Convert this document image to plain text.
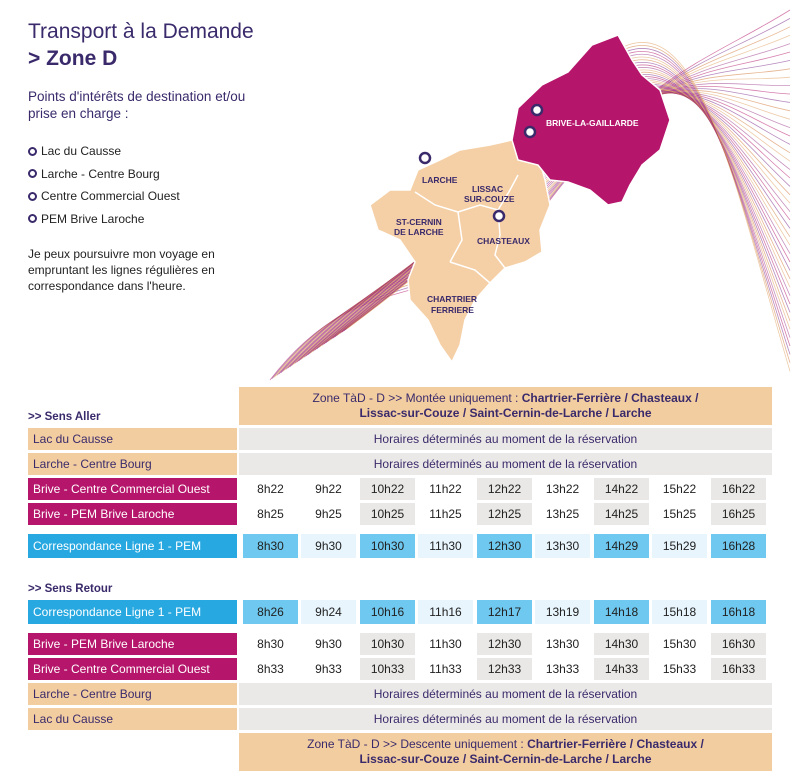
Transport à la Demande
> Zone D
Points d'intérêts de destination et/ou prise en charge :
Lac du Causse
Larche - Centre Bourg
Centre Commercial Ouest
PEM Brive Laroche
Je peux poursuivre mon voyage en empruntant les lignes régulières en correspondance dans l'heure.
BRIVE-LA-GAILLARDE
LARCHE
LISSAC
SUR-COUZE
ST-CERNIN
DE LARCHE
CHASTEAUX
CHARTRIER
FERRIERE
Zone TàD - D >> Montée uniquement : Chartrier-Ferrière / Chasteaux /
Lissac-sur-Couze / Saint-Cernin-de-Larche / Larche
>> Sens Aller
Lac du Causse	Horaires déterminés au moment de la réservation
Larche - Centre Bourg	Horaires déterminés au moment de la réservation
Brive - Centre Commercial Ouest	8h22	9h22	10h22	11h22	12h22	13h22	14h22	15h22	16h22
Brive - PEM Brive Laroche	8h25	9h25	10h25	11h25	12h25	13h25	14h25	15h25	16h25
Correspondance Ligne 1 - PEM	8h30	9h30	10h30	11h30	12h30	13h30	14h29	15h29	16h28
>> Sens Retour
Correspondance Ligne 1 - PEM	8h26	9h24	10h16	11h16	12h17	13h19	14h18	15h18	16h18
Brive - PEM Brive Laroche	8h30	9h30	10h30	11h30	12h30	13h30	14h30	15h30	16h30
Brive - Centre Commercial Ouest	8h33	9h33	10h33	11h33	12h33	13h33	14h33	15h33	16h33
Larche - Centre Bourg	Horaires déterminés au moment de la réservation
Lac du Causse	Horaires déterminés au moment de la réservation
Zone TàD - D >> Descente uniquement : Chartrier-Ferrière / Chasteaux /
Lissac-sur-Couze / Saint-Cernin-de-Larche / Larche
